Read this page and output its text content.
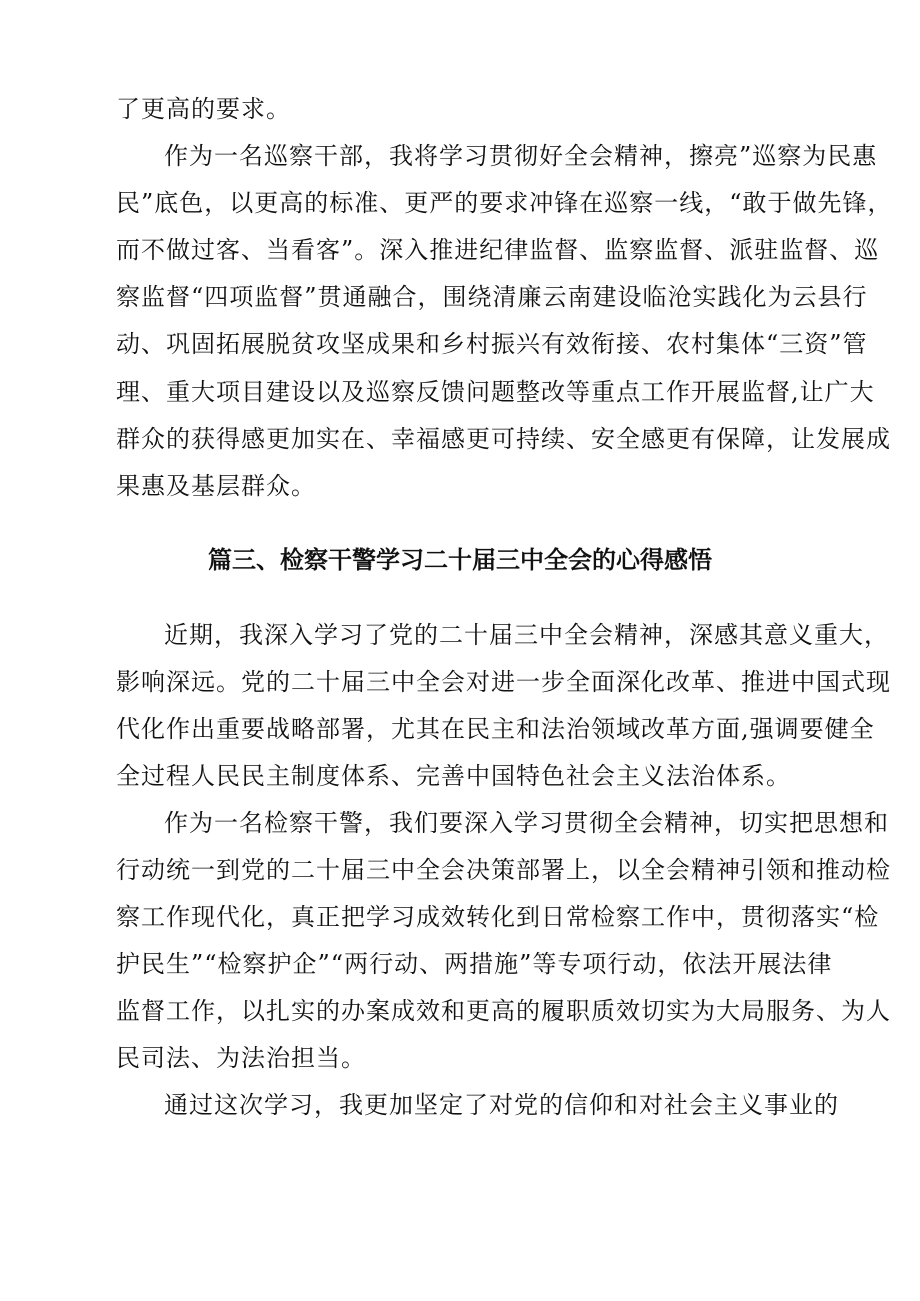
了更高的要求。
作为一名巡察干部，我将学习贯彻好全会精神，擦亮”巡察为民惠
民”底色，以更高的标准、更严的要求冲锋在巡察一线，“敢于做先锋，
而不做过客、当看客”。深入推进纪律监督、监察监督、派驻监督、巡
察监督“四项监督”贯通融合，围绕清廉云南建设临沧实践化为云县行
动、巩固拓展脱贫攻坚成果和乡村振兴有效衔接、农村集体“三资”管
理、重大项目建设以及巡察反馈问题整改等重点工作开展监督,让广大
群众的获得感更加实在、幸福感更可持续、安全感更有保障，让发展成
果惠及基层群众。
篇三、检察干警学习二十届三中全会的心得感悟
近期，我深入学习了党的二十届三中全会精神，深感其意义重大，
影响深远。党的二十届三中全会对进一步全面深化改革、推进中国式现
代化作出重要战略部署，尤其在民主和法治领域改革方面,强调要健全
全过程人民民主制度体系、完善中国特色社会主义法治体系。
作为一名检察干警，我们要深入学习贯彻全会精神，切实把思想和
行动统一到党的二十届三中全会决策部署上，以全会精神引领和推动检
察工作现代化，真正把学习成效转化到日常检察工作中，贯彻落实“检
护民生”“检察护企”“两行动、两措施”等专项行动，依法开展法律
监督工作，以扎实的办案成效和更高的履职质效切实为大局服务、为人
民司法、为法治担当。
通过这次学习，我更加坚定了对党的信仰和对社会主义事业的
